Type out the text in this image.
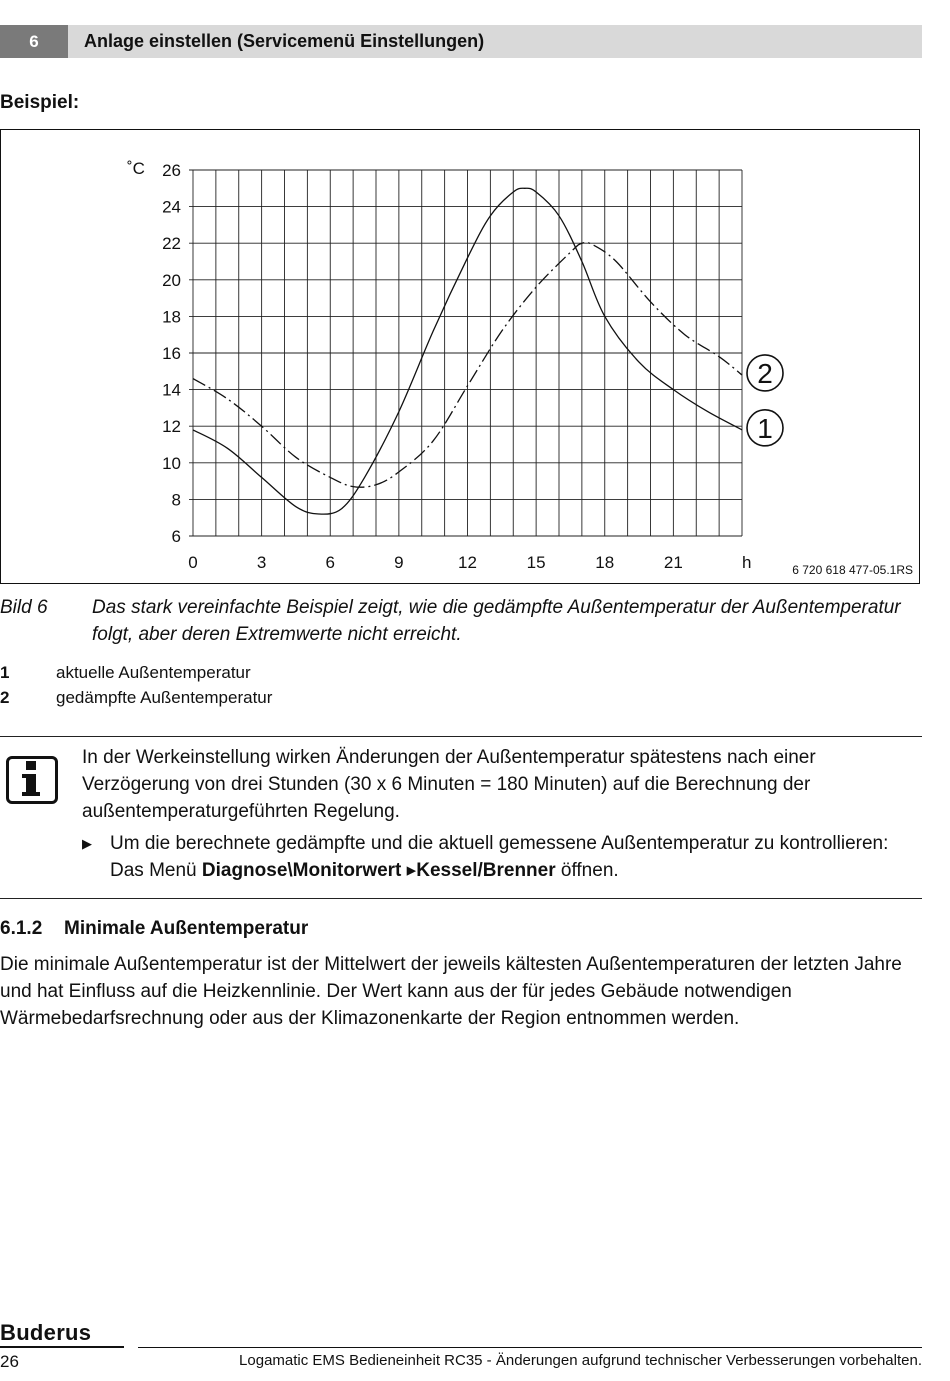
6	Anlage einstellen (Servicemenü Einstellungen)
Beispiel:
6
8
10
12
14
16
18
20
22
24
26
0	3	6	9	12	15	18	21
˚C
h
1
2
6 720 618 477-05.1RS
Bild 6 Das stark vereinfachte Beispiel zeigt, wie die gedämpfte Außentemperatur der Außentemperatur folgt, aber deren Extremwerte nicht erreicht.
1	aktuelle Außentemperatur
2	gedämpfte Außentemperatur
In der Werkeinstellung wirken Änderungen der Außentemperatur spätestens nach einer Verzögerung von drei Stunden (30 x 6 Minuten = 180 Minuten) auf die Berechnung der außentemperaturgeführten Regelung.
▶ Um die berechnete gedämpfte und die aktuell gemessene Außentemperatur zu kontrollieren: Das Menü Diagnose\Monitorwert ▸Kessel/Brenner öffnen.
6.1.2 Minimale Außentemperatur
Die minimale Außentemperatur ist der Mittelwert der jeweils kältesten Außentemperaturen der letzten Jahre und hat Einfluss auf die Heizkennlinie. Der Wert kann aus der für jedes Gebäude notwendigen Wärmebedarfsrechnung oder aus der Klimazonenkarte der Region entnommen werden.
Buderus
26	Logamatic EMS Bedieneinheit RC35 - Änderungen aufgrund technischer Verbesserungen vorbehalten.
